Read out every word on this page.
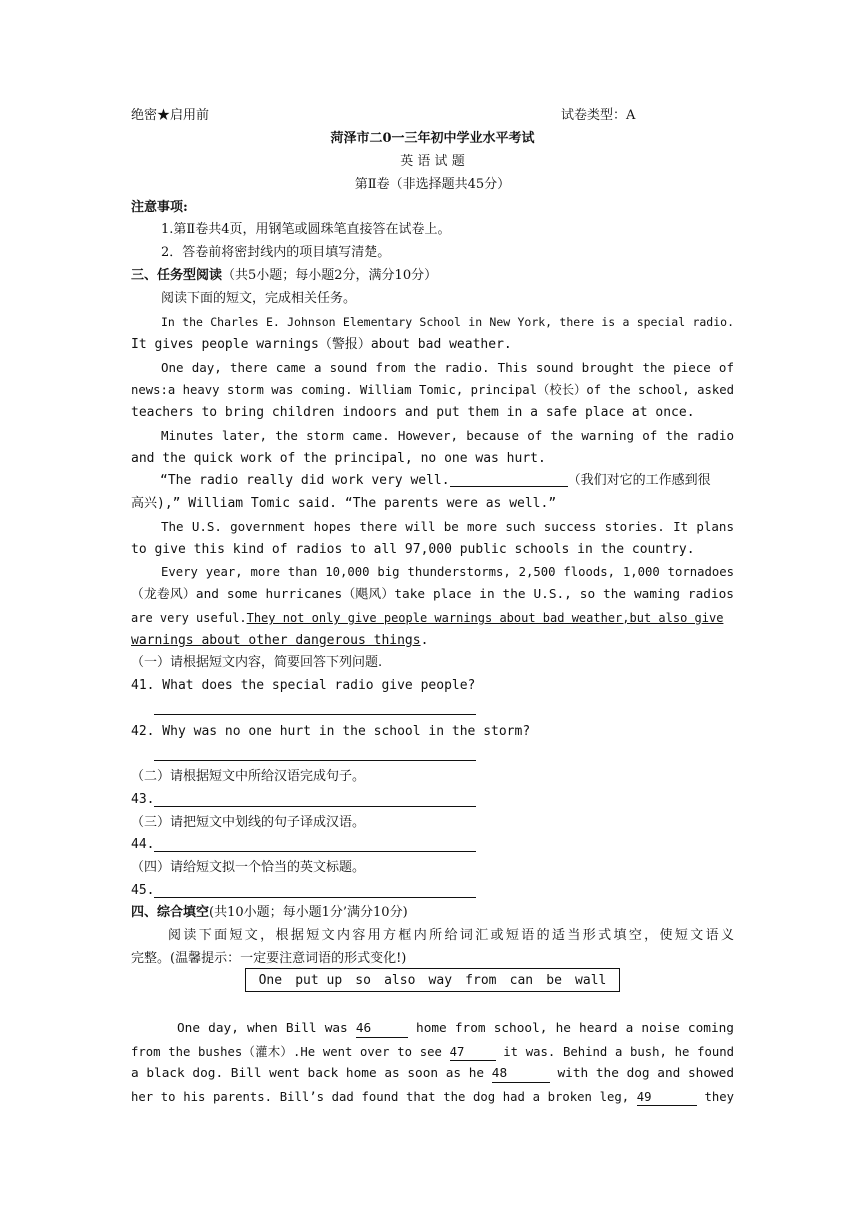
绝密★启用前	试卷类型：A
菏泽市二0一三年初中学业水平考试
英 语 试 题
第Ⅱ卷（非选择题共45分）
注意事项:
1.第Ⅱ卷共4页，用钢笔或圆珠笔直接答在试卷上。
2．答卷前将密封线内的项目填写清楚。
三、任务型阅读（共5小题；每小题2分，满分10分）
阅读下面的短文，完成相关任务。
In the Charles E. Johnson Elementary School in New York, there is a special radio.
It gives people warnings（警报）about bad weather.
One day, there came a sound from the radio. This sound brought the piece of
news:a heavy storm was coming. William Tomic, principal（校长）of the school, asked
teachers to bring children indoors and put them in a safe place at once.
Minutes later, the storm came. However, because of the warning of the radio
and the quick work of the principal, no one was hurt.
“The radio really did work very well.	（我们对它的工作感到很
高兴),” William Tomic said. “The parents were as well.”
The U.S. government hopes there will be more such success stories. It plans
to give this kind of radios to all 97,000 public schools in the country.
Every year, more than 10,000 big thunderstorms, 2,500 floods, 1,000 tornadoes
（龙卷风）and some hurricanes（飓风）take place in the U.S., so the waming radios
are very useful.They not only give people warnings about bad weather,but also give
warnings about other dangerous things.
（一）请根据短文内容，简要回答下列问题.
41. What does the special radio give people?
42. Why was no one hurt in the school in the storm?
（二）请根据短文中所给汉语完成句子。
43.
（三）请把短文中划线的句子译成汉语。
44.
（四）请给短文拟一个恰当的英文标题。
45.
四、综合填空(共10小题；每小题1分’满分10分)
阅读下面短文，根据短文内容用方框内所给词汇或短语的适当形式填空，使短文语义
完整。(温馨提示：一定要注意词语的形式变化!)
One put up so also way from can be wall
One day, when Bill was 46	home from school, he heard a noise coming
from the bushes（灌木）.He went over to see 47	it was. Behind a bush, he found
a black dog. Bill went back home as soon as he 48	with the dog and showed
her to his parents. Bill’s dad found that the dog had a broken leg, 49	they
